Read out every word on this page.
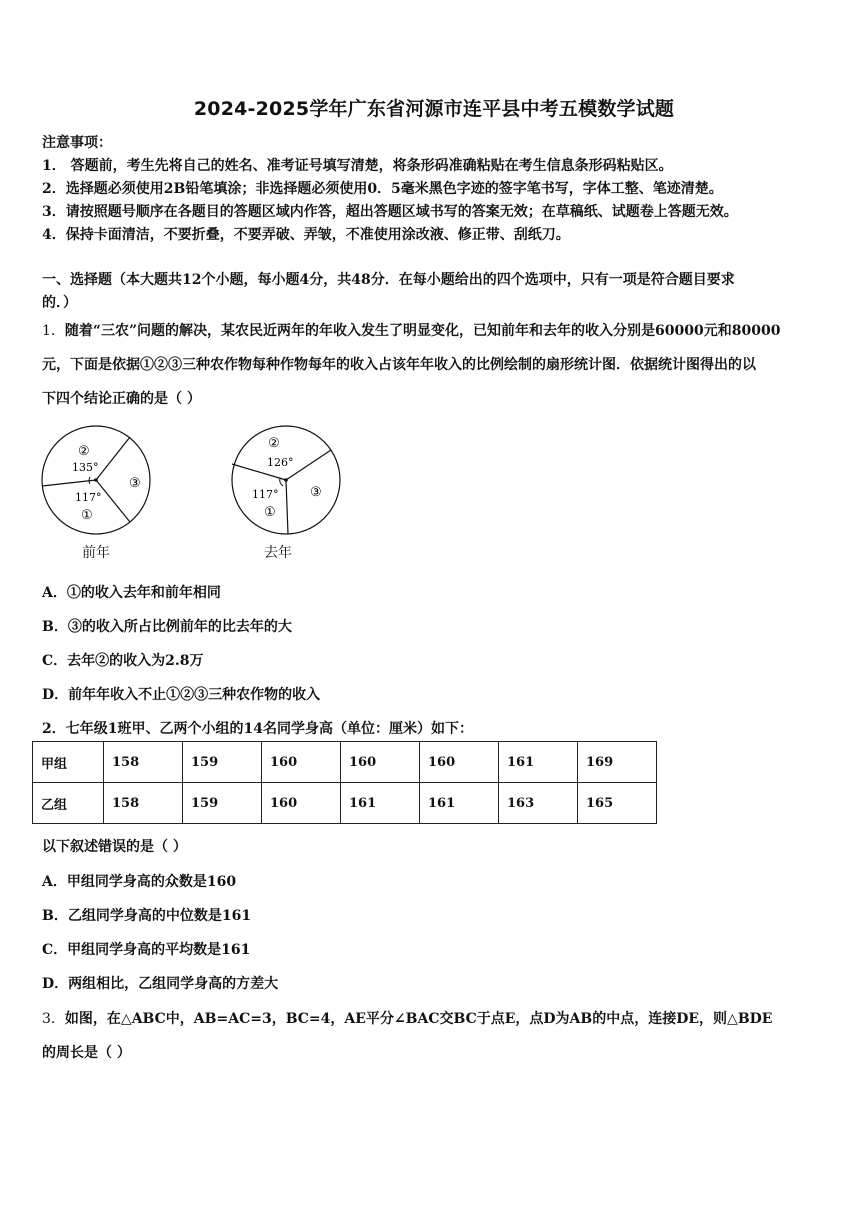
2024-2025学年广东省河源市连平县中考五模数学试题
注意事项：
1． 答题前，考生先将自己的姓名、准考证号填写清楚，将条形码准确粘贴在考生信息条形码粘贴区。
2．选择题必须使用2B铅笔填涂；非选择题必须使用0．5毫米黑色字迹的签字笔书写，字体工整、笔迹清楚。
3．请按照题号顺序在各题目的答题区域内作答，超出答题区域书写的答案无效；在草稿纸、试题卷上答题无效。
4．保持卡面清洁，不要折叠，不要弄破、弄皱，不准使用涂改液、修正带、刮纸刀。
一、选择题（本大题共12个小题，每小题4分，共48分．在每小题给出的四个选项中，只有一项是符合题目要求
的．）
1．随着“三农”问题的解决，某农民近两年的年收入发生了明显变化，已知前年和去年的收入分别是60000元和80000
元，下面是依据①②③三种农作物每种作物每年的收入占该年年收入的比例绘制的扇形统计图．依据统计图得出的以
下四个结论正确的是（ ）
②
135°
③
117°
①
前年
②
126°
③
117°
①
去年
A．①的收入去年和前年相同
B．③的收入所占比例前年的比去年的大
C．去年②的收入为2.8万
D．前年年收入不止①②③三种农作物的收入
2．七年级1班甲、乙两个小组的14名同学身高（单位：厘米）如下：
甲组	158	159	160	160	160	161	169
乙组	158	159	160	161	161	163	165
以下叙述错误的是（ ）
A．甲组同学身高的众数是160
B．乙组同学身高的中位数是161
C．甲组同学身高的平均数是161
D．两组相比，乙组同学身高的方差大
3．如图，在△ABC中，AB=AC=3，BC=4，AE平分∠BAC交BC于点E，点D为AB的中点，连接DE，则△BDE
的周长是（ ）
